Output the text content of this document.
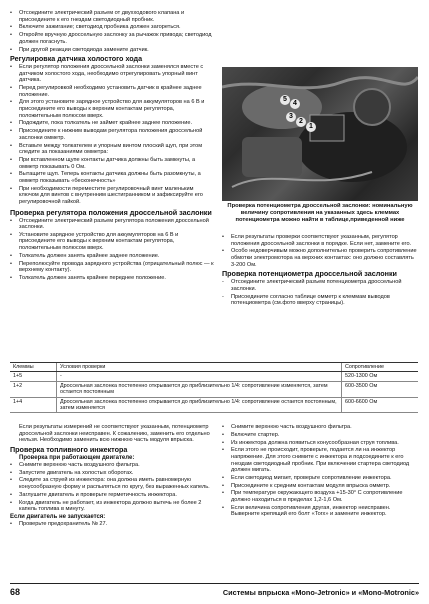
• Отсоедините электрический разъем от двухходового клапана и присоедините к его гнездам светодиодный пробник.
• Включите зажигание; светодиод пробника должен загореться.
• Откройте вручную дроссельную заслонку за рычажок привода; светодиод должен погаснуть.
• При другой реакции светодиода замените датчик.
Регулировка датчика холостого хода
• Если регулятор положения дроссельной заслонки заменялся вместе с датчиком холостого хода, необходимо отрегулировать упорный винт датчика.
• Перед регулировкой необходимо установить датчик в крайнее заднее положение.
• Для этого установите зарядное устройство для аккумуляторов на 6 В и присоедините его выводы к верхним контактам регулятора, положительным полюсом вверх.
• Подождите, пока толкатель не займет крайнее заднее положение.
• Присоедините к нижним выводам регулятора положения дроссельной заслонки омметр.
• Вставьте между толкателем и упорным винтом плоский щуп, при этом следите за показаниями омметра:
• При вставленном щупе контакты датчика должны быть замкнуты, а омметр показывать 0 Ом.
• Вытащите щуп. Теперь контакты датчика должны быть разомкнуты, а омметр показывать «бесконечность»
• При необходимости переместите регулировочный винт маленьким ключом для винтов с внутренним шестигранником и зафиксируйте его регулировочной гайкой.
Проверка регулятора положения дроссельной заслонки
• Отсоедините электрический разъем регулятора положения дроссельной заслонки.
• Установите зарядное устройство для аккумуляторов на 6 В и присоедините его выводы к верхним контактам регулятора, положительным полюсом вверх.
• Толкатель должен занять крайнее заднее положение.
• Переполюсуйте провода зарядного устройства (отрицательный полюс — к верхнему контакту).
• Толкатель должен занять крайнее переднее положение.
5
4
3
2
1
Проверка потенциометра дроссельной заслонки: номинальную величину сопротивления на указанных здесь клеммах потенциометра можно найти в таблице,приведенной ниже
• Если результаты проверки соответствуют указанным, регулятор положения дроссельной заслонки в порядке. Если нет, замените его.
• Особо недоверчивым можно дополнительно проверить сопротивление обмотки электромотора на верхних контактах: оно должно составлять 3-200 Ом.
Проверка потенциометра дроссельной заслонки
- Отсоедините электрический разъем потенциометра дроссельной заслонки.
- Присоедините согласно таблице омметр к клеммам выводов потенциометра (см.фото вверху страницы).
Клеммы	Условия проверки	Сопротивление
1+5	-	520-1300 Ом
1+2	Дроссельная заслонка постепенно открывается до приблизительно 1/4: сопротивление изменяется, затем остается постоянным	600-3500 Ом
1+4	Дроссельная заслонка постепенно открывается до приблизительно 1/4: сопротивление остается постоянным, затем изменяется	600-6600 Ом
Если результаты измерений не соответствуют указанным, потенциометр дроссельной заслонки неисправен. К сожалению, заменить его отдельно нельзя. Необходимо заменить всю нижнюю часть модуля впрыска.
Проверка топливного инжектора
Проверка при работающем двигателе:
• Снимите верхнюю часть воздушного фильтра.
• Запустите двигатель на холостых оборотах.
• Следите за струей из инжектора: она должна иметь равномерную конусообразную форму и распыляться по кругу, без выраженных капель.
• Заглушите двигатель и проверьте герметичность инжектора.
• Когда двигатель не работает, из инжектора должно вытечь не более 2 капель топлива в минуту.
Если двигатель не запускается:
• Проверьте предохранитель № 27.
• Снимите верхнюю часть воздушного фильтра.
• Включите стартер.
• Из инжектора должна появиться конусообразная струя топлива.
• Если этого не происходит, проверьте, подается ли на инжектор напряжение. Для этого снимите с инжектора и подсоедините к его гнездам светодиодный пробник. При включении стартера светодиод должен мигать.
• Если светодиод мигает, проверьте сопротивление инжектора.
• Присоедините к средним контактам модуля впрыска омметр.
• При температуре окружающего воздуха +15-30° С сопротивление должно находиться в пределах 1,2-1,6 Ом.
• Если величина сопротивления другая, инжектор неисправен. Выверните крепящий его болт «Torx» и замените инжектор.
68	Системы впрыска «Mono-Jetronic» и «Mono-Motronic»
